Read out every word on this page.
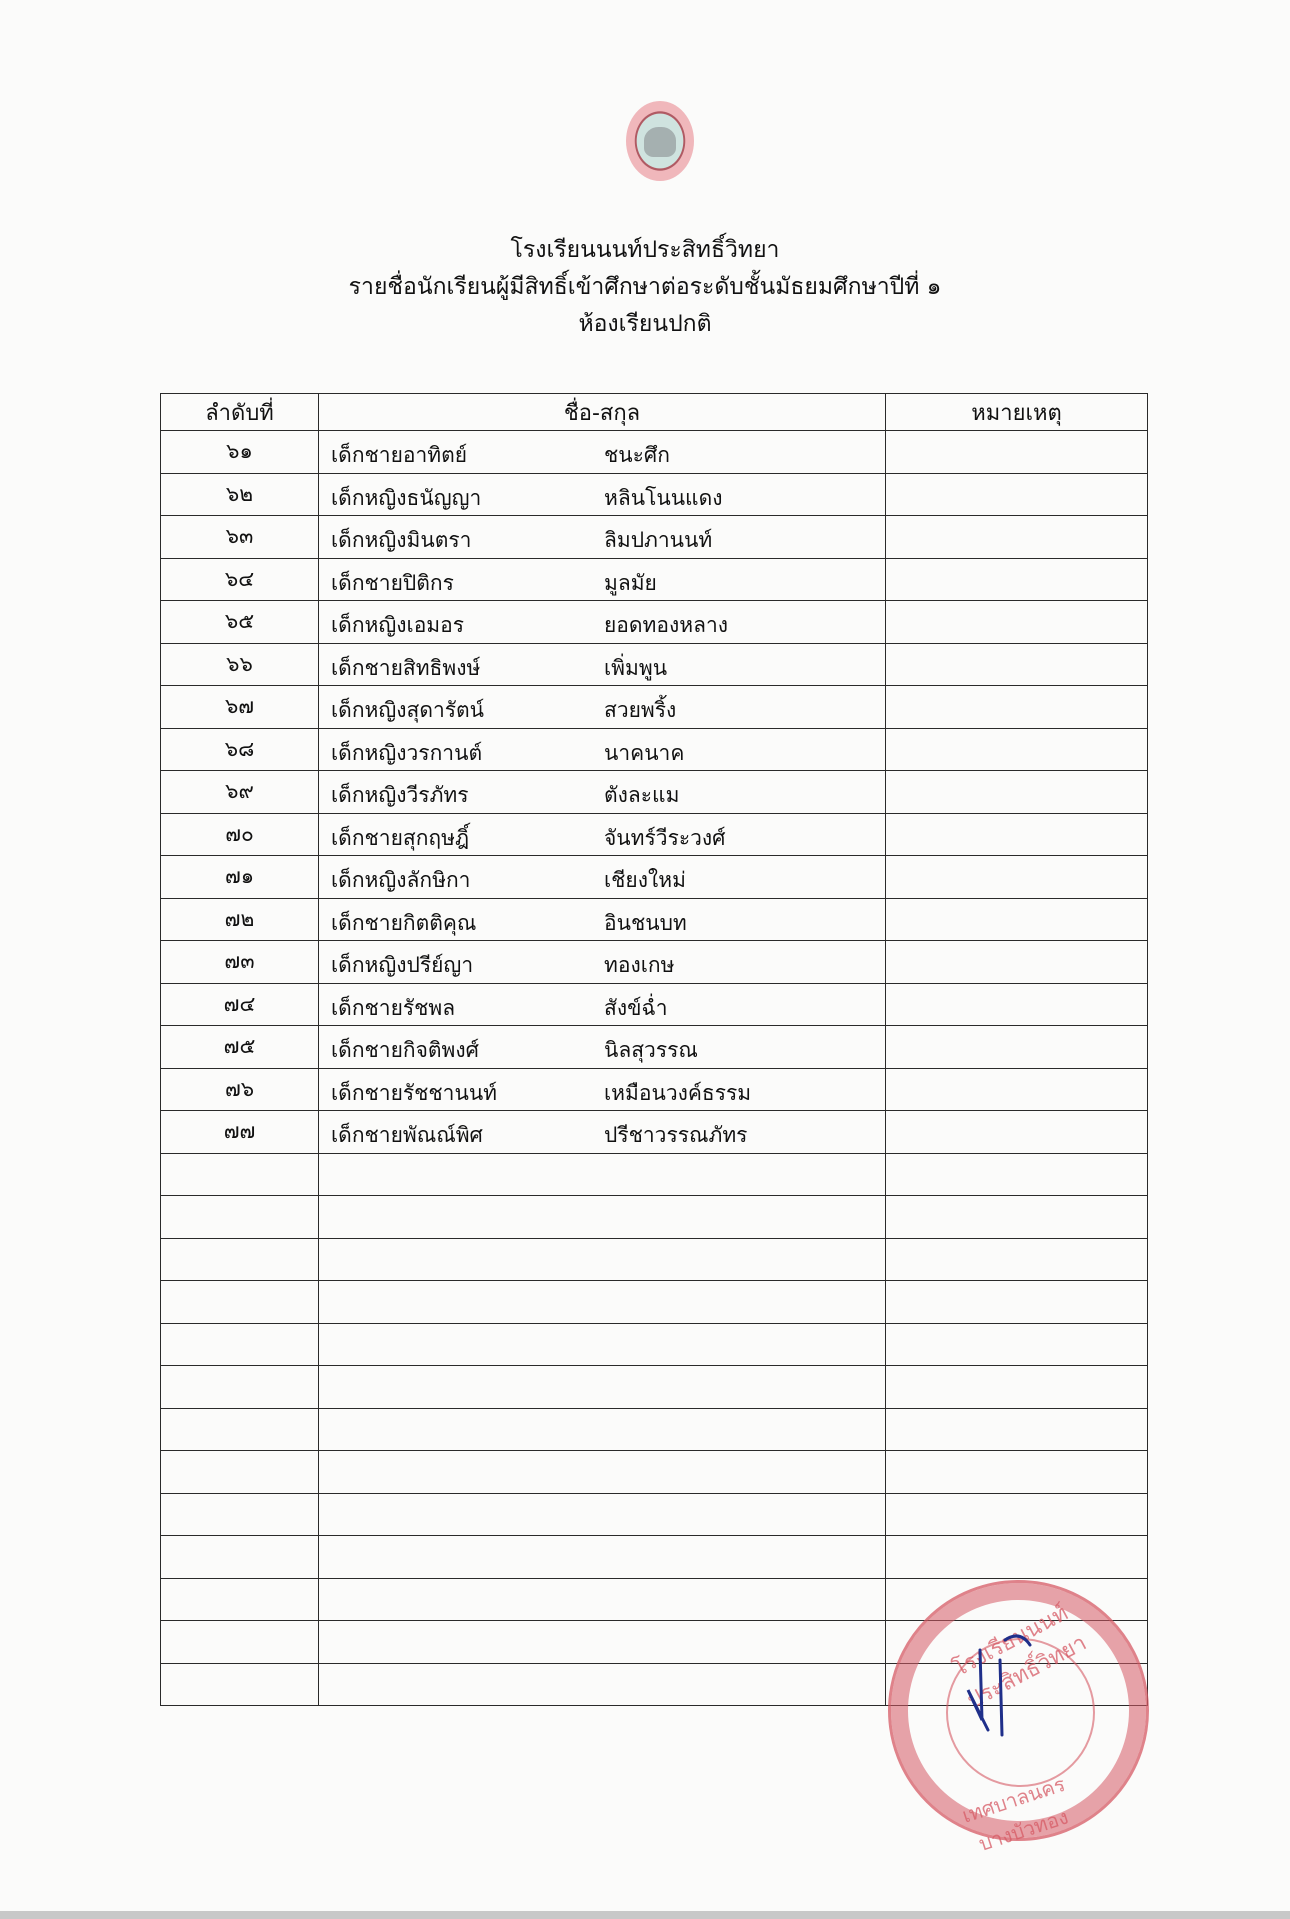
โรงเรียนนนท์ประสิทธิ์วิทยา
รายชื่อนักเรียนผู้มีสิทธิ์เข้าศึกษาต่อระดับชั้นมัธยมศึกษาปีที่ ๑
ห้องเรียนปกติ
ลำดับที่	ชื่อ-สกุล	หมายเหตุ
๖๑	เด็กชายอาทิตย์ ชนะศึก	

๖๒	เด็กหญิงธนัญญา หลินโนนแดง	

๖๓	เด็กหญิงมินตรา ลิมปภานนท์	

๖๔	เด็กชายปิติกร มูลมัย	

๖๕	เด็กหญิงเอมอร ยอดทองหลาง	

๖๖	เด็กชายสิทธิพงษ์ เพิ่มพูน	

๖๗	เด็กหญิงสุดารัตน์ สวยพริ้ง	

๖๘	เด็กหญิงวรกานต์ นาคนาค	

๖๙	เด็กหญิงวีรภัทร ตังละแม	

๗๐	เด็กชายสุกฤษฎิ์ จันทร์วีระวงศ์	

๗๑	เด็กหญิงลักษิกา เชียงใหม่	

๗๒	เด็กชายกิตติคุณ อินชนบท	

๗๓	เด็กหญิงปรีย์ญา ทองเกษ	

๗๔	เด็กชายรัชพล สังข์ฉ่ำ	

๗๕	เด็กชายกิจติพงศ์ นิลสุวรรณ	

๗๖	เด็กชายรัชชานนท์ เหมือนวงค์ธรรม	

๗๗	เด็กชายพัณณ์พิศ ปรีชาวรรณภัทร	

โรงเรียนนนท์ประสิทธิ์วิทยา
เทศบาลนครบางบัวทอง
